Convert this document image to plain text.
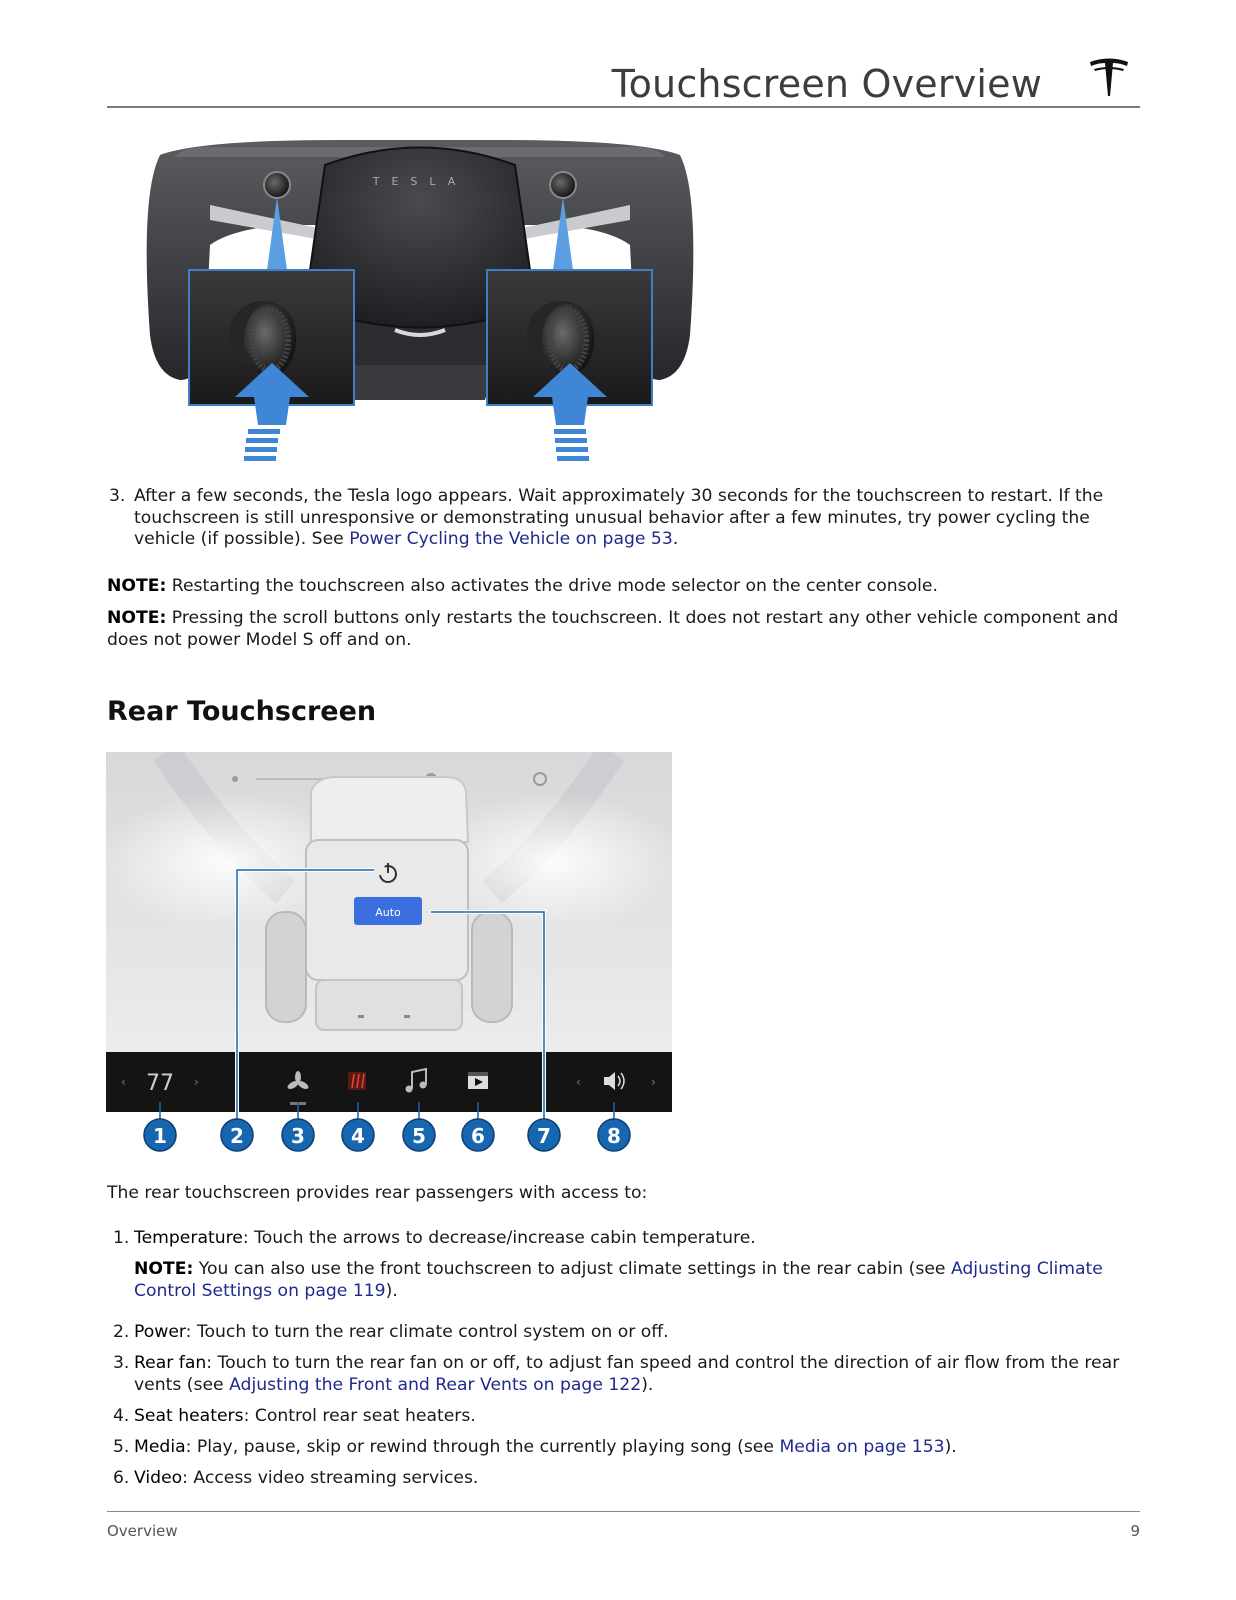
Touchscreen Overview
TESLA
3. After a few seconds, the Tesla logo appears. Wait approximately 30 seconds for the touchscreen to restart. If the touchscreen is still unresponsive or demonstrating unusual behavior after a few minutes, try power cycling the vehicle (if possible). See Power Cycling the Vehicle on page 53.

NOTE: Restarting the touchscreen also activates the drive mode selector on the center console.

NOTE: Pressing the scroll buttons only restarts the touchscreen. It does not restart any other vehicle component and does not power Model S off and on.

Rear Touchscreen
Auto
‹ 77 ›	‹	›
1	2 3 4 5 6	7	8

The rear touchscreen provides rear passengers with access to:

1. Temperature: Touch the arrows to decrease/increase cabin temperature.

NOTE: You can also use the front touchscreen to adjust climate settings in the rear cabin (see Adjusting Climate Control Settings on page 119).

2. Power: Touch to turn the rear climate control system on or off.

3. Rear fan: Touch to turn the rear fan on or off, to adjust fan speed and control the direction of air flow from the rear vents (see Adjusting the Front and Rear Vents on page 122).

4. Seat heaters: Control rear seat heaters.

5. Media: Play, pause, skip or rewind through the currently playing song (see Media on page 153).

6. Video: Access video streaming services.

Overview	9
